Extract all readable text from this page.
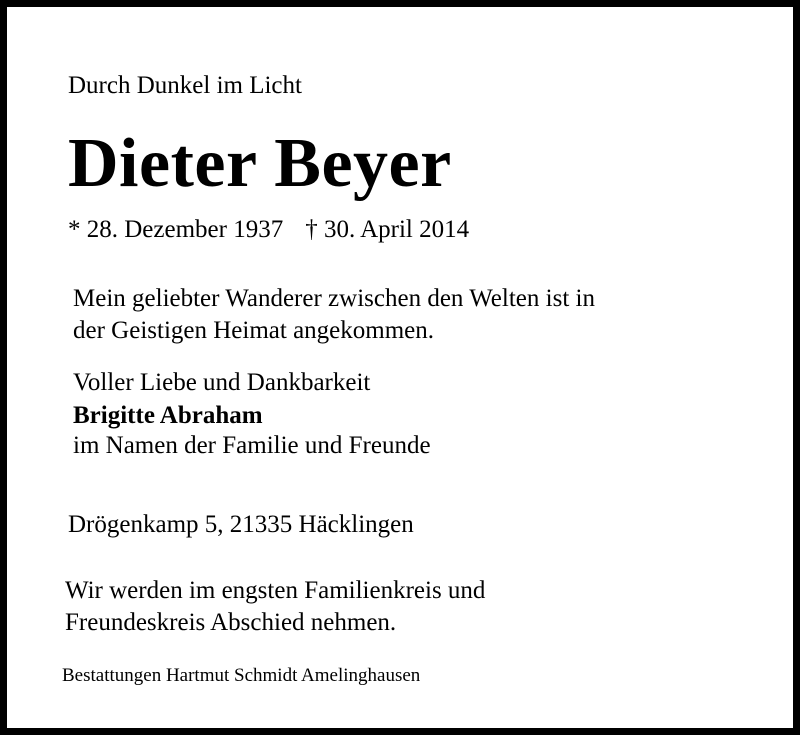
Durch Dunkel im Licht
Dieter Beyer
* 28. Dezember 1937 † 30. April 2014
Mein geliebter Wanderer zwischen den Welten ist in
der Geistigen Heimat angekommen.
Voller Liebe und Dankbarkeit
Brigitte Abraham
im Namen der Familie und Freunde
Drögenkamp 5, 21335 Häcklingen
Wir werden im engsten Familienkreis und
Freundeskreis Abschied nehmen.
Bestattungen Hartmut Schmidt Amelinghausen
